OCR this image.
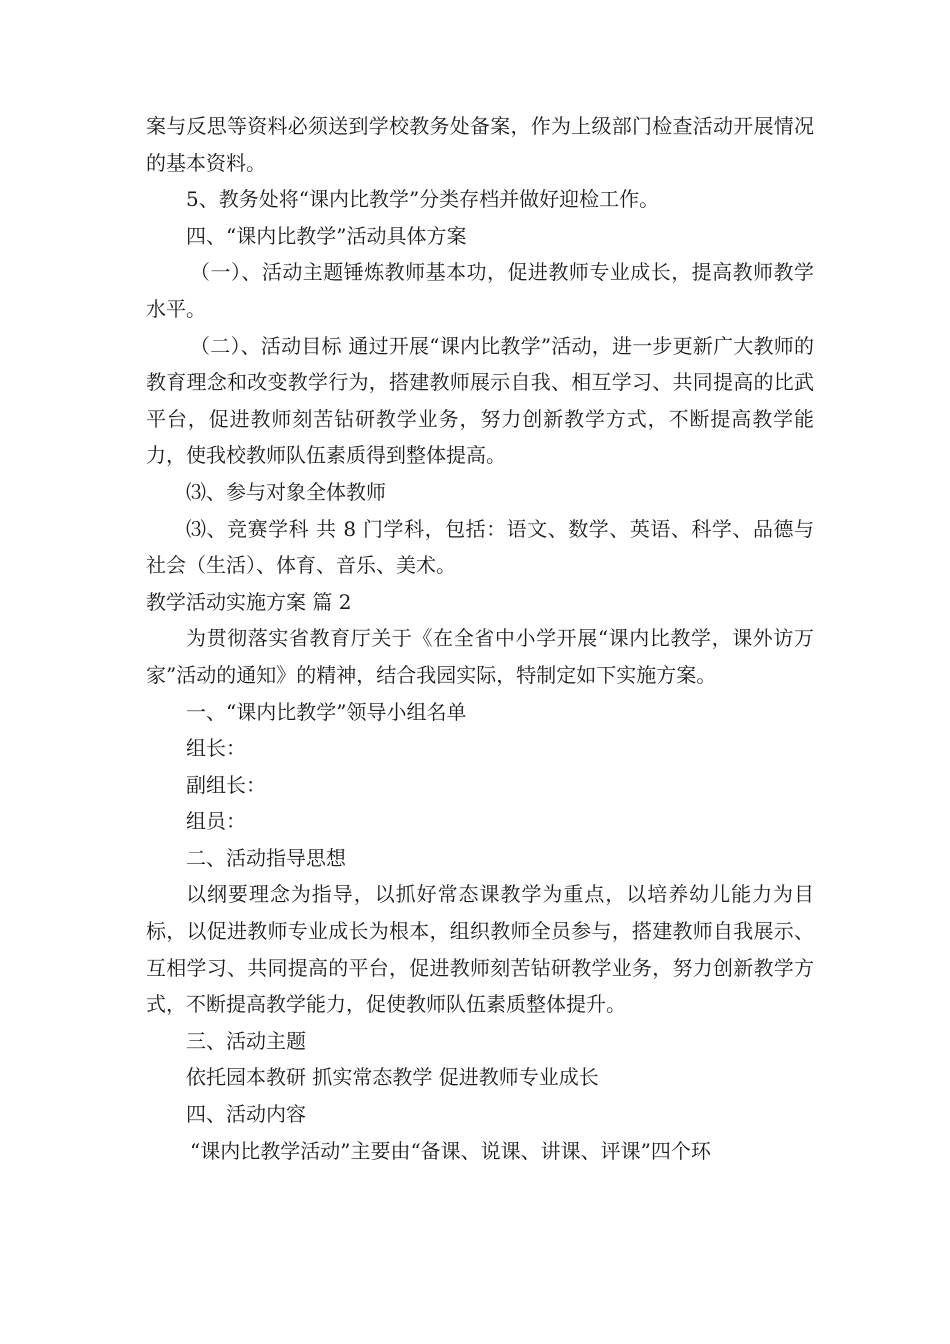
案与反思等资料必须送到学校教务处备案，作为上级部门检查活动开展情况的基本资料。

5、教务处将“课内比教学”分类存档并做好迎检工作。

四、“课内比教学”活动具体方案

（一）、活动主题锤炼教师基本功，促进教师专业成长，提高教师教学水平。

（二）、活动目标 通过开展“课内比教学”活动，进一步更新广大教师的教育理念和改变教学行为，搭建教师展示自我、相互学习、共同提高的比武平台，促进教师刻苦钻研教学业务，努力创新教学方式，不断提高教学能力，使我校教师队伍素质得到整体提高。

⑶、参与对象全体教师

⑶、竞赛学科 共 8 门学科，包括：语文、数学、英语、科学、品德与社会（生活）、体育、音乐、美术。

教学活动实施方案 篇 2

为贯彻落实省教育厅关于《在全省中小学开展“课内比教学，课外访万家”活动的通知》的精神，结合我园实际，特制定如下实施方案。

一、“课内比教学”领导小组名单

组长：

副组长：

组员：

二、活动指导思想

以纲要理念为指导，以抓好常态课教学为重点，以培养幼儿能力为目标，以促进教师专业成长为根本，组织教师全员参与，搭建教师自我展示、互相学习、共同提高的平台，促进教师刻苦钻研教学业务，努力创新教学方式，不断提高教学能力，促使教师队伍素质整体提升。

三、活动主题

依托园本教研 抓实常态教学 促进教师专业成长

四、活动内容

“课内比教学活动”主要由“备课、说课、讲课、评课”四个环
